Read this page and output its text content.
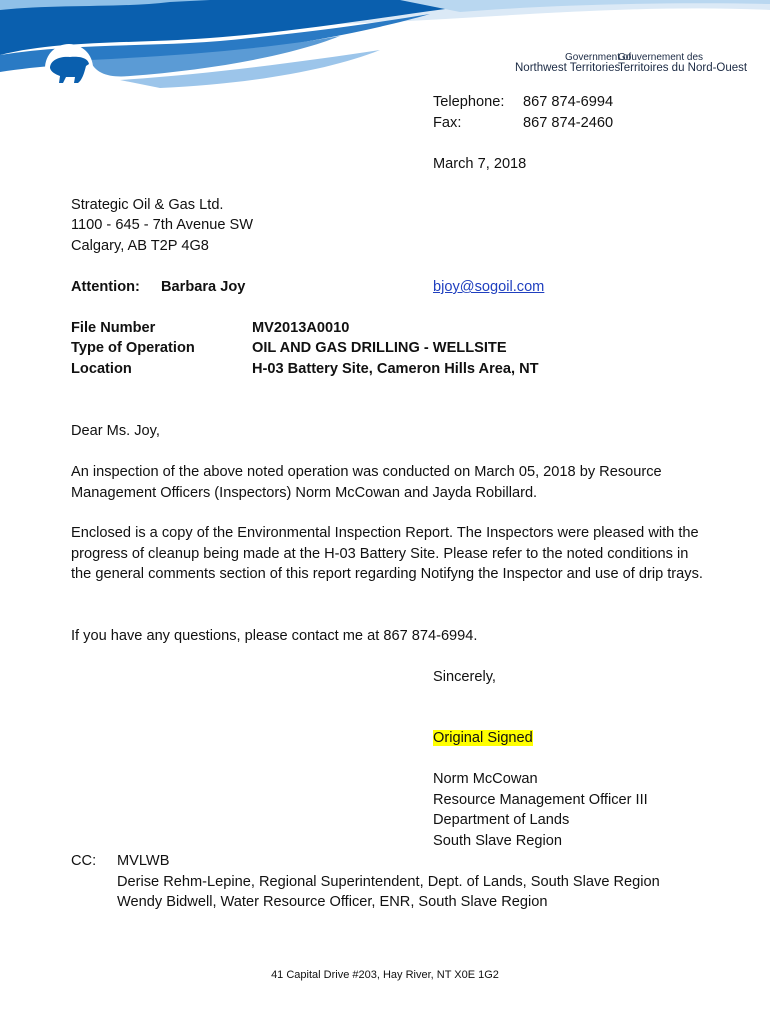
Government of
Northwest Territories
Gouvernement des
Territoires du Nord-Ouest
Telephone: 867 874-6994
Fax:	867 874-2460
March 7, 2018
Strategic Oil & Gas Ltd.
1100 - 645 - 7th Avenue SW
Calgary, AB T2P 4G8
Attention: Barbara Joy	bjoy@sogoil.com
File Number	MV2013A0010
Type of Operation	OIL AND GAS DRILLING - WELLSITE
Location	H-03 Battery Site, Cameron Hills Area, NT
Dear Ms. Joy,
An inspection of the above noted operation was conducted on March 05, 2018 by Resource Management Officers (Inspectors) Norm McCowan and Jayda Robillard.
Enclosed is a copy of the Environmental Inspection Report. The Inspectors were pleased with the progress of cleanup being made at the H-03 Battery Site. Please refer to the noted conditions in the general comments section of this report regarding Notifyng the Inspector and use of drip trays.
If you have any questions, please contact me at 867 874-6994.
Sincerely,
Original Signed
Norm McCowan
Resource Management Officer III
Department of Lands
South Slave Region
CC: MVLWB
Derise Rehm-Lepine, Regional Superintendent, Dept. of Lands, South Slave Region
Wendy Bidwell, Water Resource Officer, ENR, South Slave Region
41 Capital Drive #203, Hay River, NT X0E 1G2
